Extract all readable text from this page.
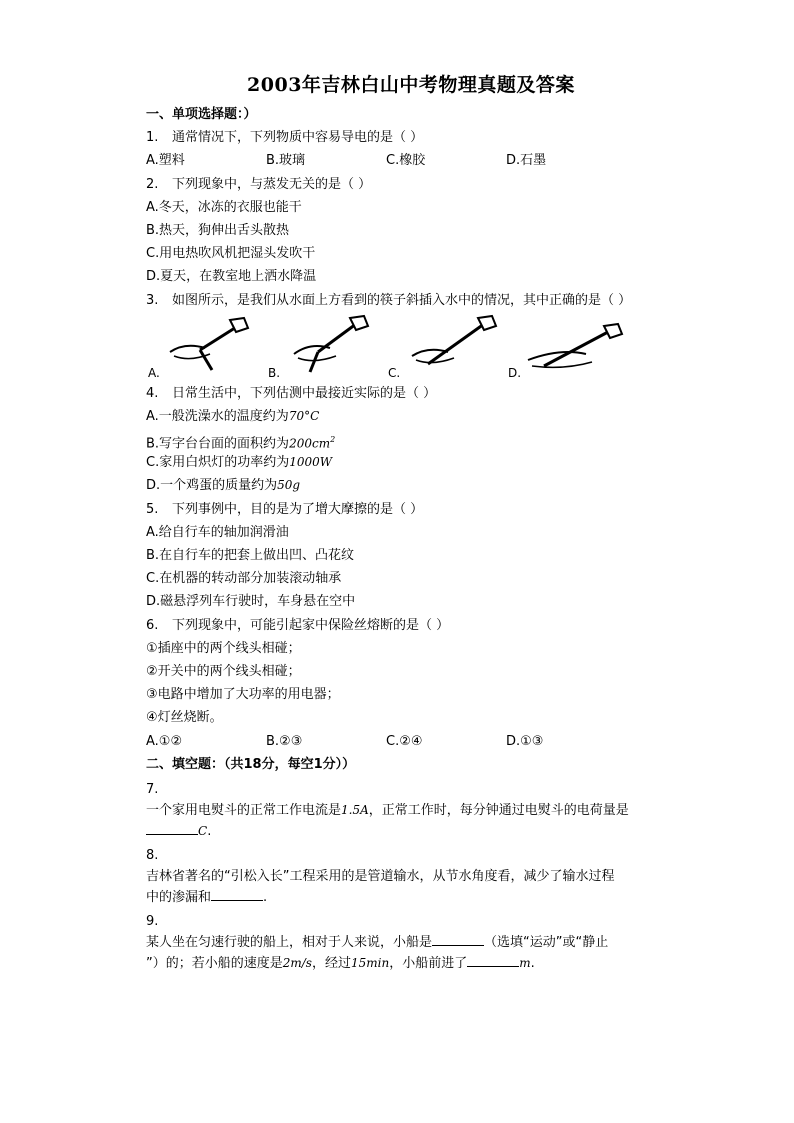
2003年吉林白山中考物理真题及答案
一、单项选择题：）
1. 通常情况下，下列物质中容易导电的是（ ）
A.塑料	B.玻璃	C.橡胶	D.石墨
2. 下列现象中，与蒸发无关的是（ ）
A.冬天，冰冻的衣服也能干
B.热天，狗伸出舌头散热
C.用电热吹风机把湿头发吹干
D.夏天，在教室地上洒水降温
3. 如图所示，是我们从水面上方看到的筷子斜插入水中的情况，其中正确的是（ ）
A.	B.	C.	D.
4. 日常生活中，下列估测中最接近实际的是（ ）
A.一般洗澡水的温度约为70°C
B.写字台台面的面积约为$200cm^2$
C.家用白炽灯的功率约为1000W
D.一个鸡蛋的质量约为50g
5. 下列事例中，目的是为了增大摩擦的是（ ）
A.给自行车的轴加润滑油
B.在自行车的把套上做出凹、凸花纹
C.在机器的转动部分加装滚动轴承
D.磁悬浮列车行驶时，车身悬在空中
6. 下列现象中，可能引起家中保险丝熔断的是（ ）
①插座中的两个线头相碰；
②开关中的两个线头相碰；
③电路中增加了大功率的用电器；
④灯丝烧断。
A.①②	B.②③	C.②④	D.①③
二、填空题：（共18分，每空1分））
7.
一个家用电熨斗的正常工作电流是1.5A，正常工作时，每分钟通过电熨斗的电荷量是C.
8.
吉林省著名的“引松入长”工程采用的是管道输水，从节水角度看，减少了输水过程
中的渗漏和	.
9.
某人坐在匀速行驶的船上，相对于人来说，小船是	（选填“运动”或“静止
”）的；若小船的速度是2m/s，经过15min，小船前进了	m.
